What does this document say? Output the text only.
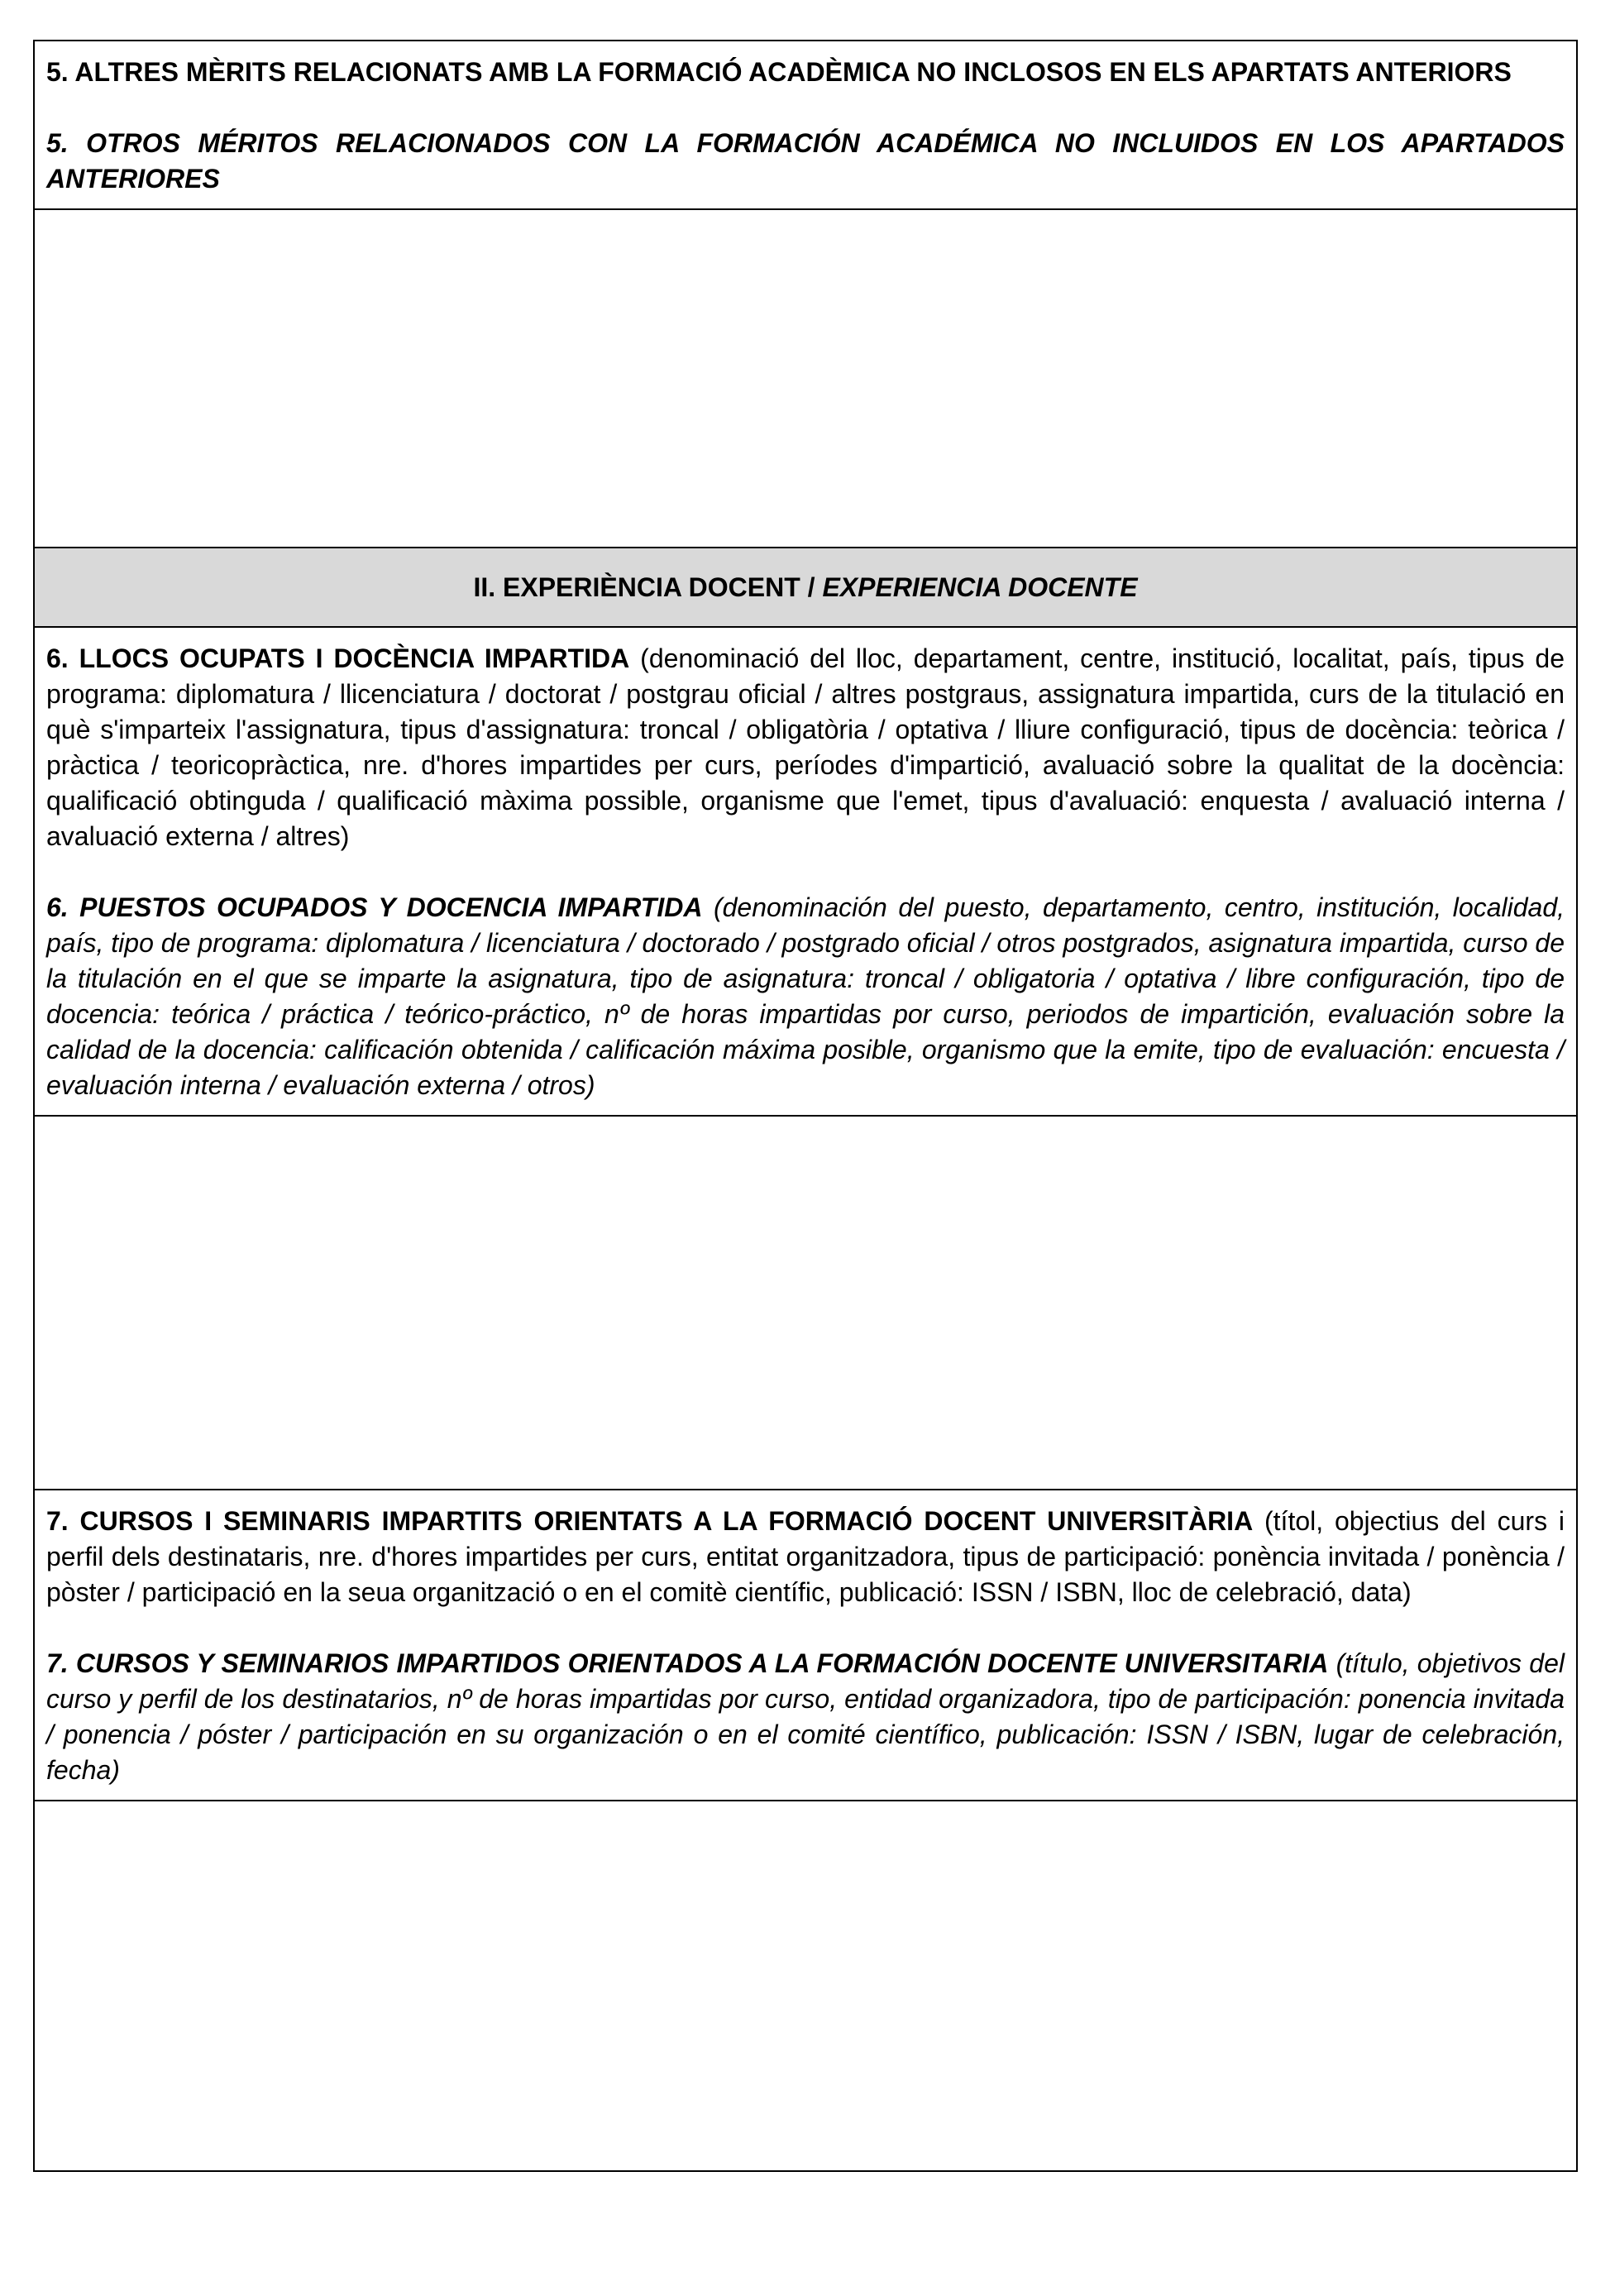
5. ALTRES MÈRITS RELACIONATS AMB LA FORMACIÓ ACADÈMICA NO INCLOSOS EN ELS APARTATS ANTERIORS

5. OTROS MÉRITOS RELACIONADOS CON LA FORMACIÓN ACADÉMICA NO INCLUIDOS EN LOS APARTADOS ANTERIORES

II. EXPERIÈNCIA DOCENT / EXPERIENCIA DOCENTE

6. LLOCS OCUPATS I DOCÈNCIA IMPARTIDA (denominació del lloc, departament, centre, institució, localitat, país, tipus de programa: diplomatura / llicenciatura / doctorat / postgrau oficial / altres postgraus, assignatura impartida, curs de la titulació en què s'imparteix l'assignatura, tipus d'assignatura: troncal / obligatòria / optativa / lliure configuració, tipus de docència: teòrica / pràctica / teoricopràctica, nre. d'hores impartides per curs, períodes d'impartició, avaluació sobre la qualitat de la docència: qualificació obtinguda / qualificació màxima possible, organisme que l'emet, tipus d'avaluació: enquesta / avaluació interna / avaluació externa / altres)

6. PUESTOS OCUPADOS Y DOCENCIA IMPARTIDA (denominación del puesto, departamento, centro, institución, localidad, país, tipo de programa: diplomatura / licenciatura / doctorado / postgrado oficial / otros postgrados, asignatura impartida, curso de la titulación en el que se imparte la asignatura, tipo de asignatura: troncal / obligatoria / optativa / libre configuración, tipo de docencia: teórica / práctica / teórico-práctico, nº de horas impartidas por curso, periodos de impartición, evaluación sobre la calidad de la docencia: calificación obtenida / calificación máxima posible, organismo que la emite, tipo de evaluación: encuesta / evaluación interna / evaluación externa / otros)

7. CURSOS I SEMINARIS IMPARTITS ORIENTATS A LA FORMACIÓ DOCENT UNIVERSITÀRIA (títol, objectius del curs i perfil dels destinataris, nre. d'hores impartides per curs, entitat organitzadora, tipus de participació: ponència invitada / ponència / pòster / participació en la seua organització o en el comitè científic, publicació: ISSN / ISBN, lloc de celebració, data)

7. CURSOS Y SEMINARIOS IMPARTIDOS ORIENTADOS A LA FORMACIÓN DOCENTE UNIVERSITARIA (título, objetivos del curso y perfil de los destinatarios, nº de horas impartidas por curso, entidad organizadora, tipo de participación: ponencia invitada / ponencia / póster / participación en su organización o en el comité científico, publicación: ISSN / ISBN, lugar de celebración, fecha)
